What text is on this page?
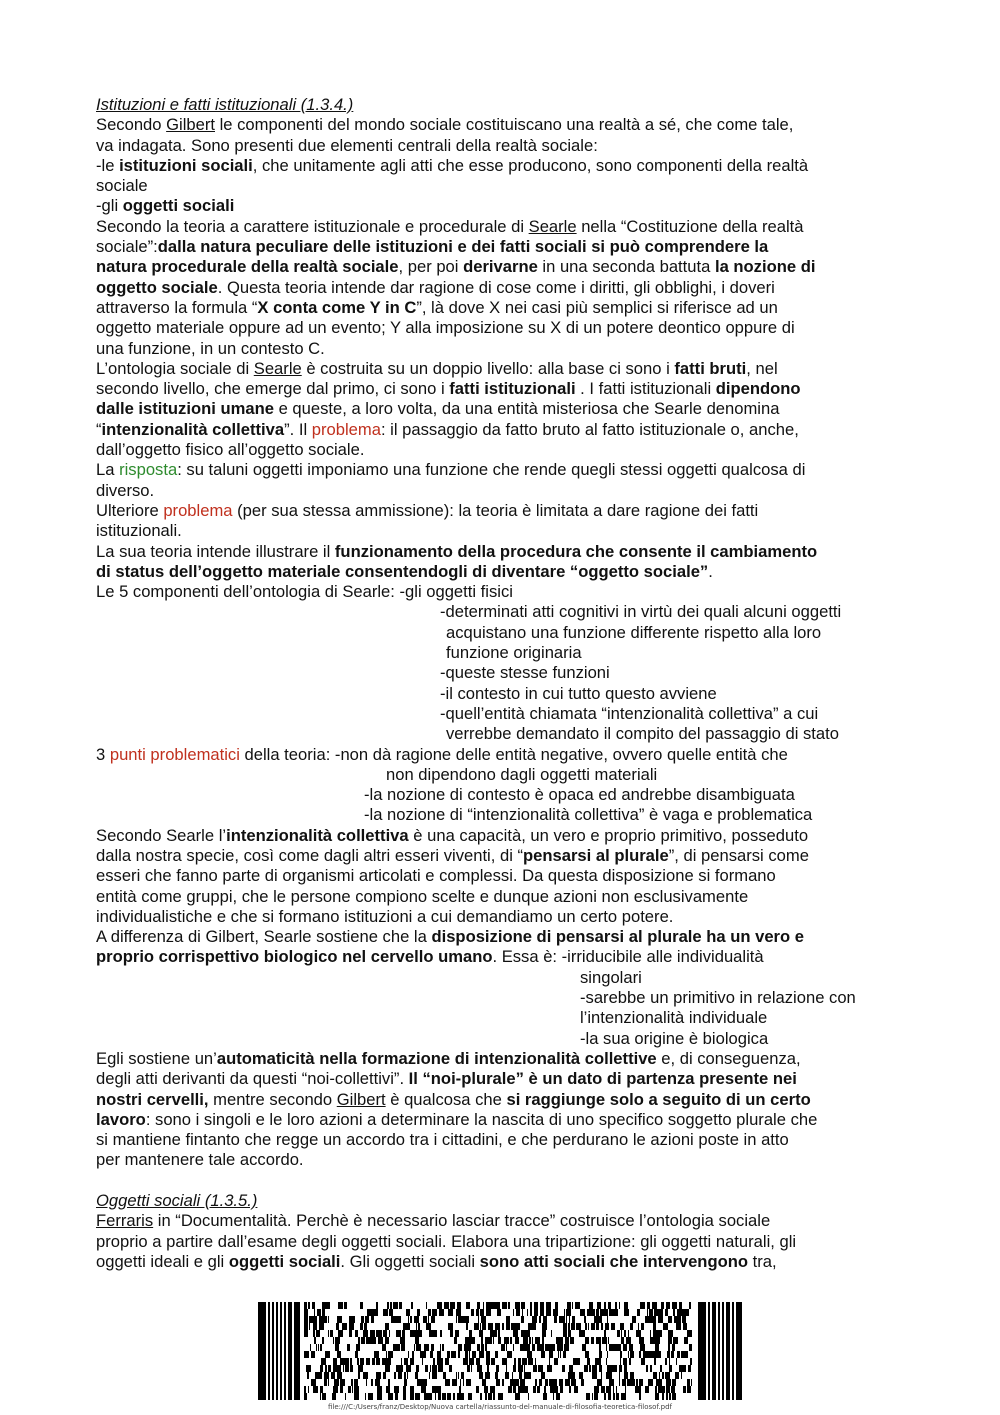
Istituzioni e fatti istituzionali (1.3.4.)
Secondo Gilbert le componenti del mondo sociale costituiscano una realtà a sé, che come tale,
va indagata. Sono presenti due elementi centrali della realtà sociale:
-le istituzioni sociali, che unitamente agli atti che esse producono, sono componenti della realtà
sociale
-gli oggetti sociali
Secondo la teoria a carattere istituzionale e procedurale di Searle nella “Costituzione della realtà
sociale”:dalla natura peculiare delle istituzioni e dei fatti sociali si può comprendere la
natura procedurale della realtà sociale, per poi derivarne in una seconda battuta la nozione di
oggetto sociale. Questa teoria intende dar ragione di cose come i diritti, gli obblighi, i doveri
attraverso la formula “X conta come Y in C”, là dove X nei casi più semplici si riferisce ad un
oggetto materiale oppure ad un evento; Y alla imposizione su X di un potere deontico oppure di
una funzione, in un contesto C.
L’ontologia sociale di Searle è costruita su un doppio livello: alla base ci sono i fatti bruti, nel
secondo livello, che emerge dal primo, ci sono i fatti istituzionali . I fatti istituzionali dipendono
dalle istituzioni umane e queste, a loro volta, da una entità misteriosa che Searle denomina
“intenzionalità collettiva”. Il problema: il passaggio da fatto bruto al fatto istituzionale o, anche,
dall’oggetto fisico all’oggetto sociale.
La risposta: su taluni oggetti imponiamo una funzione che rende quegli stessi oggetti qualcosa di
diverso.
Ulteriore problema (per sua stessa ammissione): la teoria è limitata a dare ragione dei fatti
istituzionali.
La sua teoria intende illustrare il funzionamento della procedura che consente il cambiamento
di status dell’oggetto materiale consentendogli di diventare “oggetto sociale”.
Le 5 componenti dell’ontologia di Searle: -gli oggetti fisici
-determinati atti cognitivi in virtù dei quali alcuni oggetti
acquistano una funzione differente rispetto alla loro
funzione originaria
-queste stesse funzioni
-il contesto in cui tutto questo avviene
-quell’entità chiamata “intenzionalità collettiva” a cui
verrebbe demandato il compito del passaggio di stato
3 punti problematici della teoria: -non dà ragione delle entità negative, ovvero quelle entità che
non dipendono dagli oggetti materiali
-la nozione di contesto è opaca ed andrebbe disambiguata
-la nozione di “intenzionalità collettiva” è vaga e problematica
Secondo Searle l’intenzionalità collettiva è una capacità, un vero e proprio primitivo, posseduto
dalla nostra specie, così come dagli altri esseri viventi, di “pensarsi al plurale”, di pensarsi come
esseri che fanno parte di organismi articolati e complessi. Da questa disposizione si formano
entità come gruppi, che le persone compiono scelte e dunque azioni non esclusivamente
individualistiche e che si formano istituzioni a cui demandiamo un certo potere.
A differenza di Gilbert, Searle sostiene che la disposizione di pensarsi al plurale ha un vero e
proprio corrispettivo biologico nel cervello umano. Essa è: -irriducibile alle individualità
singolari
-sarebbe un primitivo in relazione con
l’intenzionalità individuale
-la sua origine è biologica
Egli sostiene un’automaticità nella formazione di intenzionalità collettive e, di conseguenza,
degli atti derivanti da questi “noi-collettivi”. Il “noi-plurale” è un dato di partenza presente nei
nostri cervelli, mentre secondo Gilbert è qualcosa che si raggiunge solo a seguito di un certo
lavoro: sono i singoli e le loro azioni a determinare la nascita di uno specifico soggetto plurale che
si mantiene fintanto che regge un accordo tra i cittadini, e che perdurano le azioni poste in atto
per mantenere tale accordo.
Oggetti sociali (1.3.5.)
Ferraris in “Documentalità. Perchè è necessario lasciar tracce” costruisce l’ontologia sociale
proprio a partire dall’esame degli oggetti sociali. Elabora una tripartizione: gli oggetti naturali, gli
oggetti ideali e gli oggetti sociali. Gli oggetti sociali sono atti sociali che intervengono tra,
file:///C:/Users/franz/Desktop/Nuova cartella/riassunto-del-manuale-di-filosofia-teoretica-filosof.pdf
